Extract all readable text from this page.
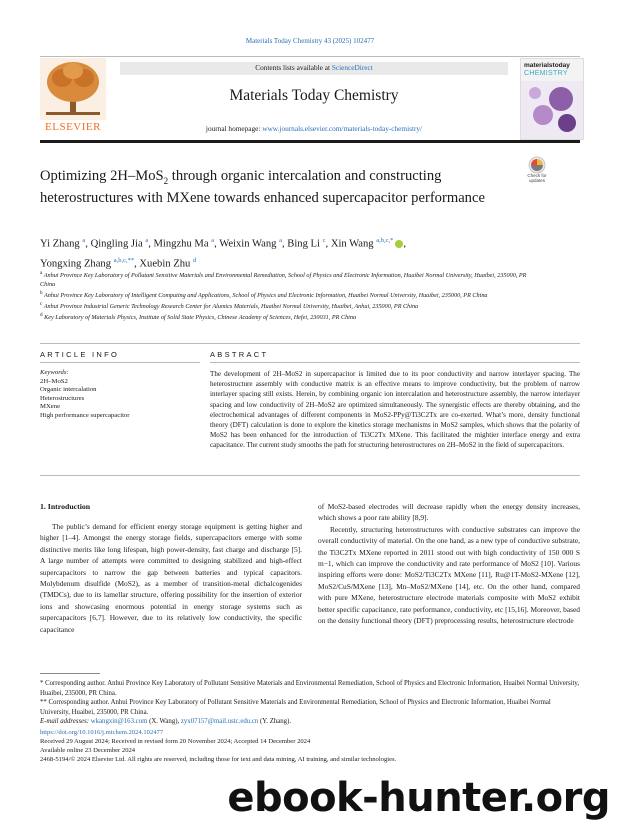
Materials Today Chemistry 43 (2025) 102477
ELSEVIER
Contents lists available at ScienceDirect
Materials Today Chemistry
journal homepage: www.journals.elsevier.com/materials-today-chemistry/
materialstoday
CHEMISTRY
Check for updates
Optimizing 2H–MoS$_2$ through organic intercalation and constructing heterostructures with MXene towards enhanced supercapacitor performance
Yi Zhang $^a$, Qingling Jia $^a$, Mingzhu Ma $^a$, Weixin Wang $^a$, Bing Li $^c$, Xin Wang $^{a,b,c,*}$ ,
Yongxing Zhang $^{a,b,c,**}$, Xuebin Zhu $^d$
$^a$ Anhui Province Key Laboratory of Pollutant Sensitive Materials and Environmental Remediation, School of Physics and Electronic Information, Huaibei Normal University, Huaibei, 235000, PR China
$^b$ Anhui Province Key Laboratory of Intelligent Computing and Applications, School of Physics and Electronic Information, Huaibei Normal University, Huaibei, 235000, PR China
$^c$ Anhui Province Industrial Generic Technology Research Center for Alumics Materials, Huaibei Normal University, Huaibei, Anhui, 235000, PR China
$^d$ Key Laboratory of Materials Physics, Institute of Solid State Physics, Chinese Academy of Sciences, Hefei, 230031, PR China
ARTICLE INFO	ABSTRACT
Keywords:
2H–MoS2
Organic intercalation
Heterostructures
MXene
High performance supercapacitor
The development of 2H–MoS2 in supercapacitor is limited due to its poor conductivity and narrow interlayer spacing. The heterostructure assembly with conductive matrix is an effective means to improve conductivity, but the problem of narrow interlayer spacing still exists. Herein, by combining organic ion intercalation and heterostructure assembly, the narrow interlayer spacing and low conductivity of 2H–MoS2 are optimized simultaneously. The synergistic effects are thereby obtaining, and the electrochemical advantages of different components in MoS2-PPy@Ti3C2Tx are co-exerted. What’s more, density functional theory (DFT) calculation is done to explore the kinetics storage mechanisms in MoS2 samples, which shows that the polarity of MoS2 has been enhanced for the introduction of Ti3C2Tx MXene. This facilitated the mightier interface energy and extra capacitance. The current study smooths the path for structuring heterostructures on 2H–MoS2 in the field of supercapacitors.
1. Introduction

The public’s demand for efficient energy storage equipment is getting higher and higher [1–4]. Amongst the energy storage fields, supercapacitors emerge with some distinctive merits like long lifespan, high power-density, fast charge and discharge [5]. A large number of attempts were committed to designing stabilized and high-effect supercapacitors to narrow the gap between batteries and typical capacitors. Molybdenum disulfide (MoS2), as a member of transition-metal dichalcogenides (TMDCs), due to its lamellar structure, offering possibility for the insertion of exterior ions and showcasing enormous potential in energy storage systems such as supercapacitors [6,7]. However, due to its relatively low conductivity, the specific capacitance

of MoS2-based electrodes will decrease rapidly when the energy density increases, which shows a poor rate ability [8,9].

Recently, structuring heterostructures with conductive substrates can improve the overall conductivity of material. On the one hand, as a new type of conductive substrate, the Ti3C2Tx MXene reported in 2011 stood out with high conductivity of 150 000 S m−1, which can improve the conductivity and rate performance of MoS2 [10]. Various inspiring efforts were done: MoS2/Ti3C2Tx MXene [11], Ru@1T-MoS2-MXene [12], MoS2/CuS/MXene [13], Mn–MoS2/MXene [14], etc. On the other hand, compared with pure MXene, heterostructure electrode materials composite with MoS2 exhibit better specific capacitance, rate performance, conductivity, etc [15,16]. Moreover, based on the density functional theory (DFT) preprocessing results, heterostructure electrode

* Corresponding author. Anhui Province Key Laboratory of Pollutant Sensitive Materials and Environmental Remediation, School of Physics and Electronic Information, Huaibei Normal University, Huaibei, 235000, PR China.

** Corresponding author. Anhui Province Key Laboratory of Pollutant Sensitive Materials and Environmental Remediation, School of Physics and Electronic Information, Huaibei Normal University, Huaibei, 235000, PR China.

E-mail addresses: wkangxin@163.com (X. Wang), zyx07157@mail.ustc.edu.cn (Y. Zhang).

https://doi.org/10.1016/j.mtchem.2024.102477
Received 29 August 2024; Received in revised form 20 November 2024; Accepted 14 December 2024
Available online 23 December 2024
2468-5194/© 2024 Elsevier Ltd. All rights are reserved, including those for text and data mining, AI training, and similar technologies.
ebook-hunter.org
